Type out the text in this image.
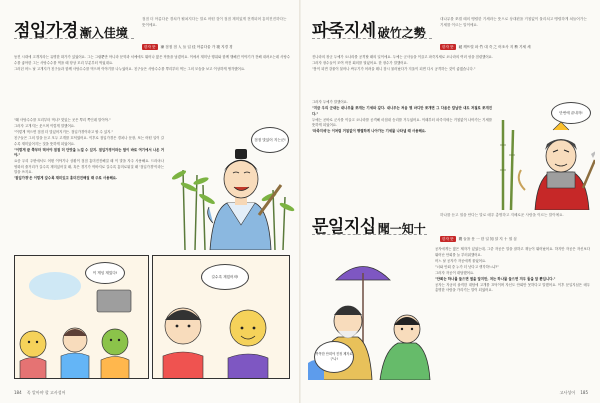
점입가경 漸入佳境
점점 더 아름다운 경치가 펼쳐지다는 말로 어떤 것이 점점 재미있게 전개되어 흥미진진하다는 뜻이에요.
한자 뜻	漸 점점 점 入 들 입 佳 아름다울 가 境 지경 경

동진 시대에 고개지라는 유명한 화가가 있었어요. 그는 그림뿐만 아니라 문학과 서예에도 뛰어나 많은 작품을 남겼어요. 이에서 재미난 행위와 함께 행해진 이야기가 전해 내려오는데 사탕수수를 좋아한 그는 사탕수수를 먹을 때 항상 꼬리 부분부터 먹었대요.

그러던 어느 날 고개지가 친구들과 함께 사탕수수를 먹으며 이야기를 나누었어요. 친구들은 사탕수수를 뿌리부터 먹는 그의 모습을 보고 이상하게 생각했어요.

"왜 사탕수수를 꼬리부터 먹나? 맛있는 곳은 뿌리 쪽인데 말이야."

그러자 고개지는 웃으며 이렇게 말했어요.

"이렇게 먹으면 점점 더 맛있어지거든. 점입가경이라고 할 수 있지."

친구들은 그의 말을 듣고 모두 고개를 끄덕였어요. 이후로 점입가경은 경치나 문장, 또는 어떤 일이 갈수록 재미있어지는 것을 뜻하게 되었어요.

"이렇게 끝 쪽부터 먹어야 점점 더 단맛을 느낄 수 있지. 점입가경이라는 말이 바로 여기에서 나온 거야."

요즘 우리 주변에서도 어떤 이야기나 상황이 점점 흥미진진해질 때 이 말을 자주 사용해요. 드라마나 영화의 줄거리가 갈수록 재미있어질 때, 혹은 경기가 막바지로 갈수록 흥미로워질 때 '점입가경'이라는 말을 쓰지요.

'점입가경'은 이렇게 갈수록 재미있고 흥미진진해질 때 주로 사용해요.

점점 맛있어 지는군!
이 게임 재밌다!
갈수록 재밌어져!
184 꼭 알아야 할 고사성어
파죽지세 破竹之勢
대나무를 쪼갤 때의 맹렬한 기세라는 뜻으로 상대편을 거침없이 물리치고 맹렬하게 쳐들어가는 기세를 이르는 말이에요.
한자 뜻	破 깨뜨릴 파 竹 대 죽 之 어조사 지 勢 기세 세

진나라의 장군 두예가 오나라를 공격할 때의 일이에요. 두예는 군사들을 이끌고 파죽지세로 오나라의 여러 성을 점령했어요.

그러자 장수들이 모여 작전 회의를 열었어요. 한 장수가 말했어요.

"봄이 되면 강물이 불어나 싸우기가 어려울 테니 잠시 물러났다가 겨울이 되면 다시 공격하는 것이 좋겠습니다."

그러자 두예가 말했어요.

"지금 우리 군대는 대나무를 쪼개는 기세와 같다. 대나무는 처음 몇 마디만 쪼개면 그 다음은 칼날만 대도 저절로 쪼개진다."

두예는 곧바로 군사를 이끌고 오나라를 공격해 마침내 승리를 거두었어요. 이때부터 파죽지세는 거침없이 나아가는 기세를 뜻하게 되었어요.

'파죽지세'는 이처럼 거침없이 맹렬하게 나아가는 기세를 나타낼 때 사용해요.

단번에 끝내자!
문일지십 聞一知十
하나를 듣고 열을 안다는 말로 매우 총명하고 지혜로운 사람을 이르는 말이에요.
한자 뜻	聞 들을 문 一 한 일 知 알 지 十 열 십
똑똑한 안회야 진정 제자로구나!

공자에게는 많은 제자가 있었는데, 그중 자공은 말을 잘하고 재능이 뛰어났어요. 하지만 자공은 자신보다 뛰어난 안회를 늘 부러워했어요.

어느 날 공자가 자공에게 물었어요.

"너와 안회 중 누가 더 낫다고 생각하느냐?"

그러자 자공이 대답했어요.

"안회는 하나를 들으면 열을 알지만, 저는 하나를 들으면 겨우 둘을 알 뿐입니다."

공자는 자공의 솔직한 대답에 고개를 끄덕이며 자신도 안회만 못하다고 말했어요. 이후 문일지십은 매우 총명한 사람을 가리키는 말이 되었어요.

고사성어 185
